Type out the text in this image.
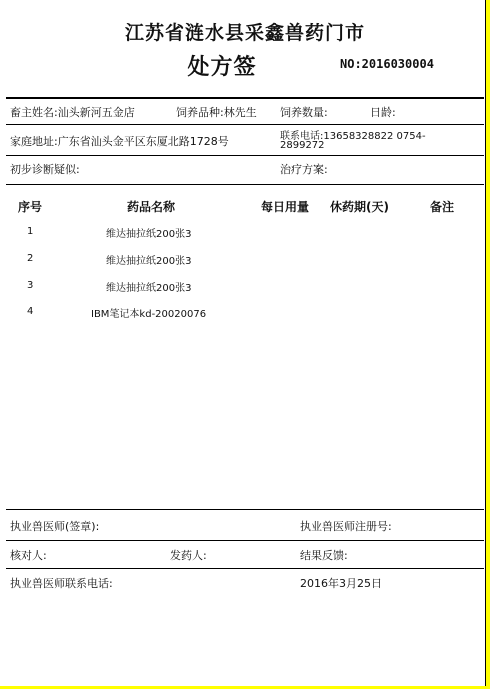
江苏省涟水县采鑫兽药门市
处方签	NO:2016030004
畜主姓名:汕头新河五金店	饲养品种:林先生 饲养数量:	日龄:
家庭地址:广东省汕头金平区东厦北路1728号	联系电话:13658328822 0754-
2899272
初步诊断疑似:	治疗方案:
序号	药品名称	每日用量 休药期(天)	备注
1	维达抽拉纸200张3
2	维达抽拉纸200张3
3	维达抽拉纸200张3
4	IBM笔记本kd-20020076
执业兽医师(签章):	执业兽医师注册号:
核对人:	发药人:	结果反馈:
执业兽医师联系电话:	2016年3月25日
